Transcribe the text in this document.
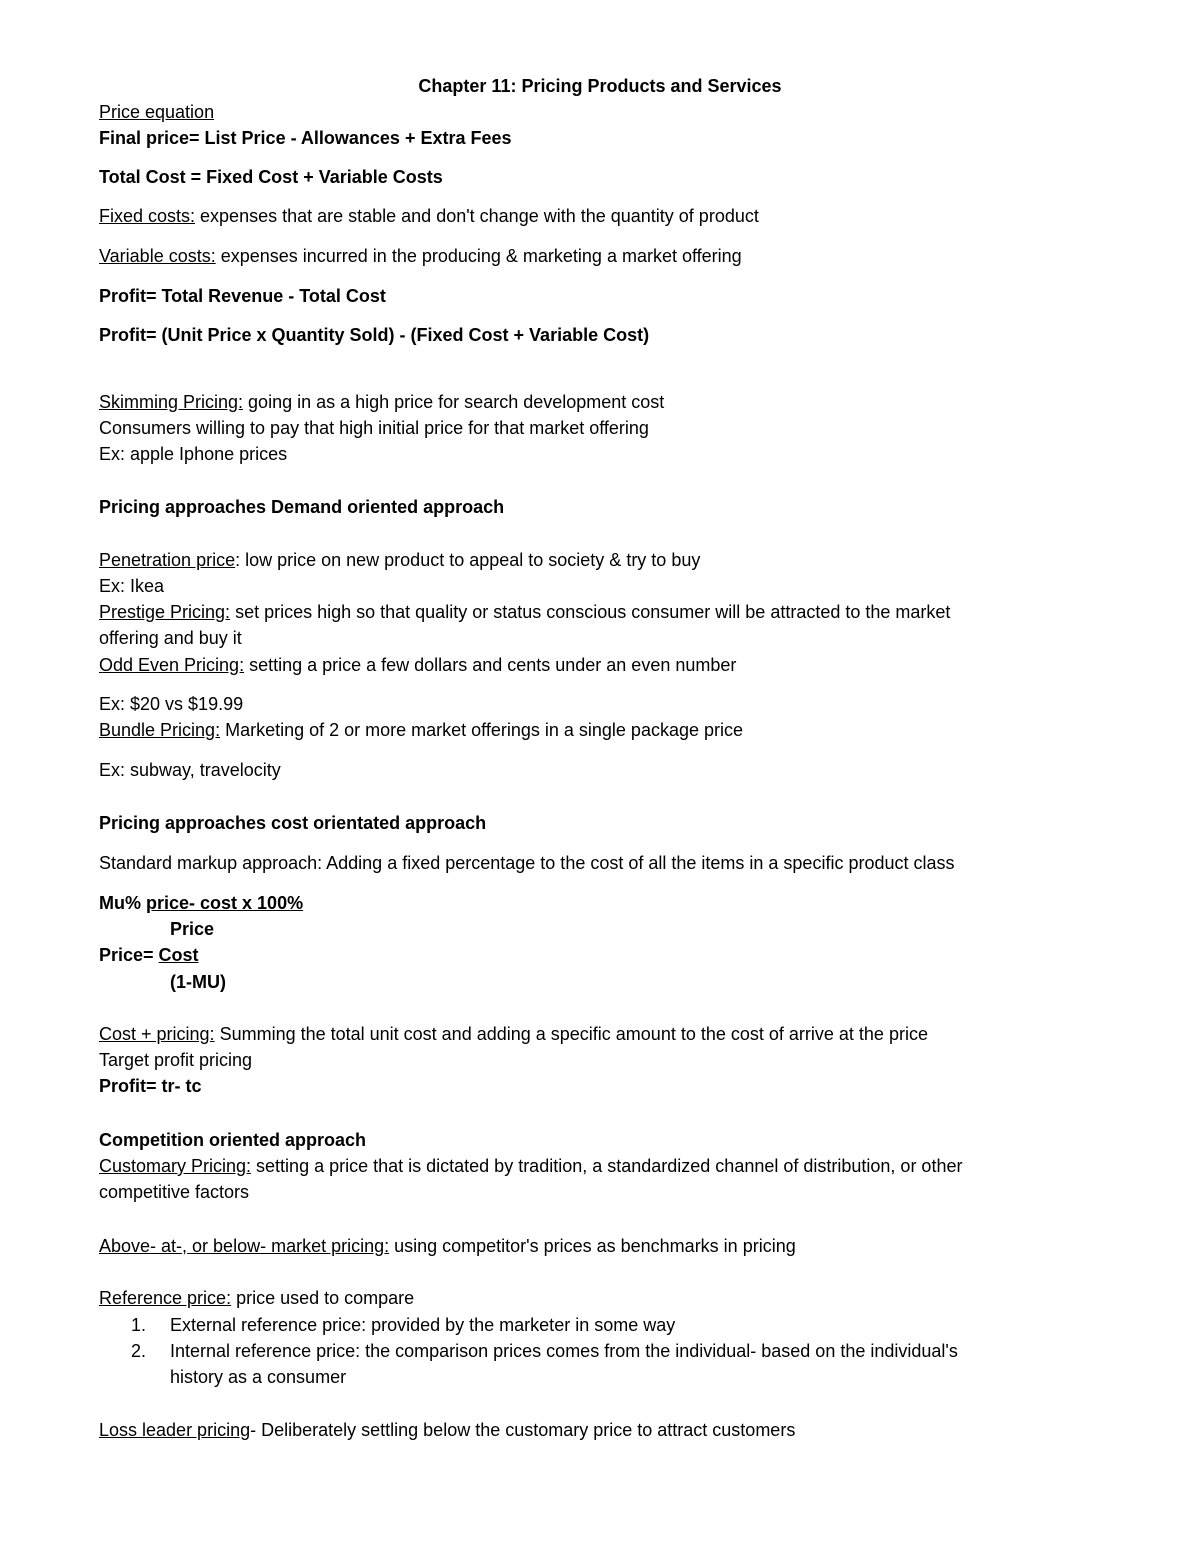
Chapter 11: Pricing Products and Services
Price equation
Final price= List Price - Allowances + Extra Fees
Total Cost = Fixed Cost + Variable Costs
Fixed costs: expenses that are stable and don't change with the quantity of product
Variable costs: expenses incurred in the producing & marketing a market offering
Profit= Total Revenue - Total Cost
Profit= (Unit Price x Quantity Sold) - (Fixed Cost + Variable Cost)
Skimming Pricing: going in as a high price for search development cost
Consumers willing to pay that high initial price for that market offering
Ex: apple Iphone prices
Pricing approaches Demand oriented approach
Penetration price: low price on new product to appeal to society & try to buy
Ex: Ikea
Prestige Pricing: set prices high so that quality or status conscious consumer will be attracted to the market
offering and buy it
Odd Even Pricing: setting a price a few dollars and cents under an even number
Ex: $20 vs $19.99
Bundle Pricing: Marketing of 2 or more market offerings in a single package price
Ex: subway, travelocity
Pricing approaches cost orientated approach
Standard markup approach: Adding a fixed percentage to the cost of all the items in a specific product class
Mu% price- cost x 100%
Price
Price= Cost
(1-MU)
Cost + pricing: Summing the total unit cost and adding a specific amount to the cost of arrive at the price
Target profit pricing
Profit= tr- tc
Competition oriented approach
Customary Pricing: setting a price that is dictated by tradition, a standardized channel of distribution, or other
competitive factors
Above- at-, or below- market pricing: using competitor's prices as benchmarks in pricing
Reference price: price used to compare
1. External reference price: provided by the marketer in some way
2. Internal reference price: the comparison prices comes from the individual- based on the individual's
history as a consumer
Loss leader pricing- Deliberately settling below the customary price to attract customers
